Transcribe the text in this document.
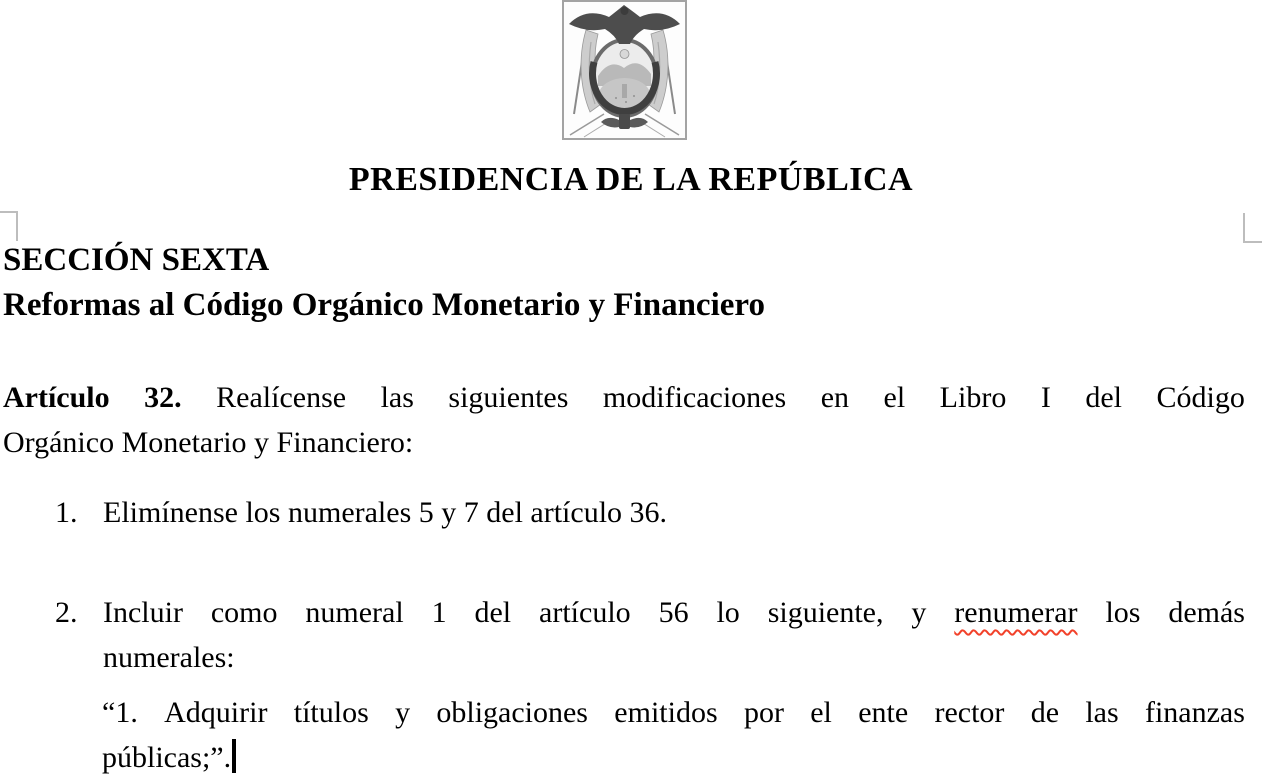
PRESIDENCIA DE LA REPÚBLICA
SECCIÓN SEXTA
Reformas al Código Orgánico Monetario y Financiero
Artículo 32. Realícense las siguientes modificaciones en el Libro I del Código
Orgánico Monetario y Financiero:
1. Elimínense los numerales 5 y 7 del artículo 36.
2. Incluir como numeral 1 del artículo 56 lo siguiente, y renumerar los demás
numerales:
“1. Adquirir títulos y obligaciones emitidos por el ente rector de las finanzas
públicas;”.
